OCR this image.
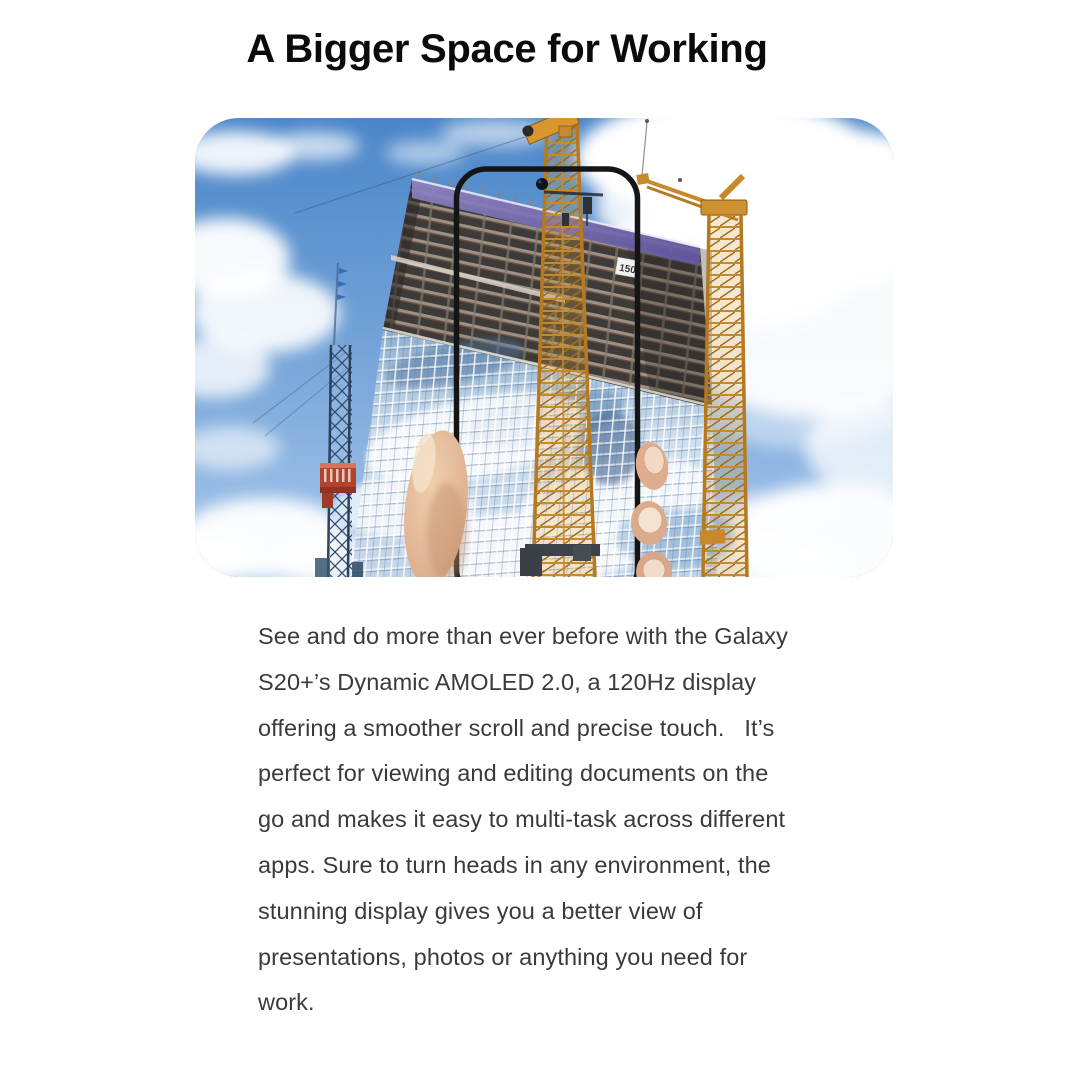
A Bigger Space for Working
150
See and do more than ever before with the Galaxy
S20+’s Dynamic AMOLED 2.0, a 120Hz display
offering a smoother scroll and precise touch.   It’s
perfect for viewing and editing documents on the
go and makes it easy to multi-task across different
apps. Sure to turn heads in any environment, the
stunning display gives you a better view of
presentations, photos or anything you need for
work.
